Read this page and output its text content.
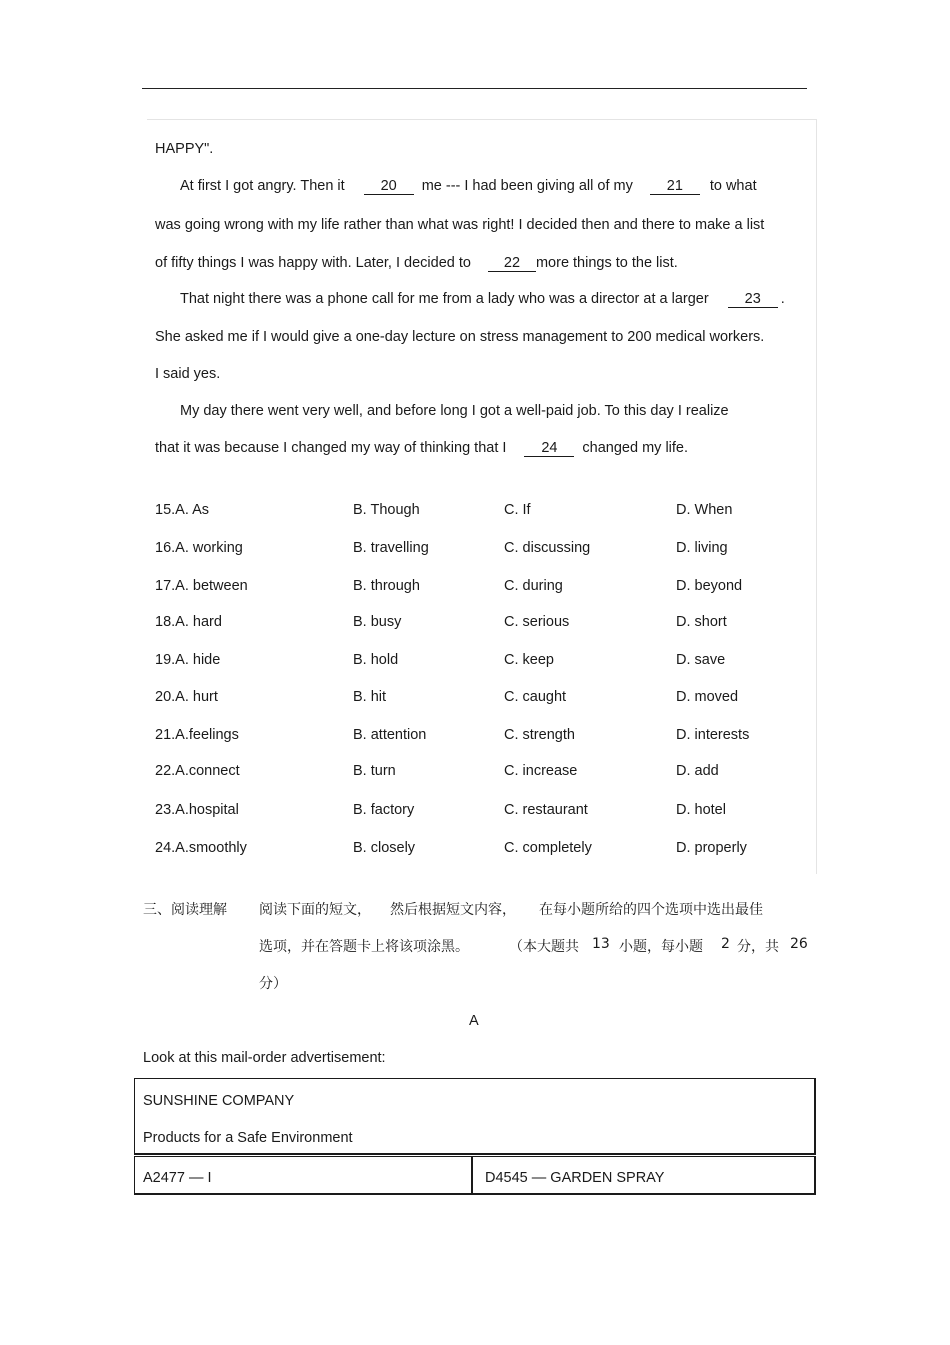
HAPPY".
At first I got angry. Then it 20 me --- I had been giving all of my 21 to what
was going wrong with my life rather than what was right! I decided then and there to make a list
of fifty things I was happy with. Later, I decided to 22 more things to the list.
That night there was a phone call for me from a lady who was a director at a larger 23 .
She asked me if I would give a one-day lecture on stress management to 200 medical workers.
I said yes.
My day there went very well, and before long I got a well-paid job. To this day I realize
that it was because I changed my way of thinking that I 24 changed my life.
15.A. As	B. Though	C. If	D. When
16.A. working	B. travelling	C. discussing	D. living
17.A. between	B. through	C. during	D. beyond
18.A. hard	B. busy	C. serious	D. short
19.A. hide	B. hold	C. keep	D. save
20.A. hurt	B. hit	C. caught	D. moved
21.A.feelings	B. attention	C. strength	D. interests
22.A.connect	B. turn	C. increase	D. add
23.A.hospital	B. factory	C. restaurant	D. hotel
24.A.smoothly	B. closely	C. completely	D. properly
三、阅读理解 阅读下面的短文， 然后根据短文内容， 在每小题所给的四个选项中选出最佳
选项，并在答题卡上将该项涂黑。	（本大题共 13 小题，每小题 2 分，共 26
分）
A
Look at this mail-order advertisement:
SUNSHINE COMPANY
Products for a Safe Environment
A2477 — I	D4545 — GARDEN SPRAY
